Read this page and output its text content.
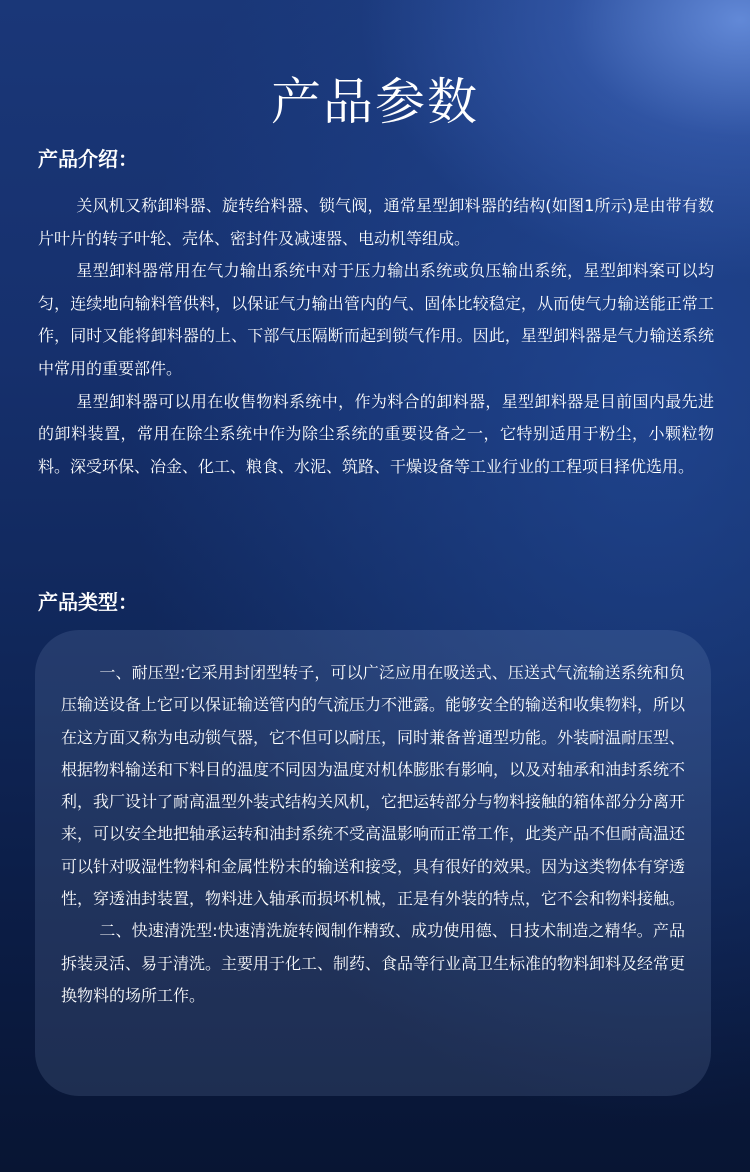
产品参数
产品介绍：

关风机又称卸料器、旋转给料器、锁气阀，通常星型卸料器的结构(如图1所示)是由带有数片叶片的转子叶轮、壳体、密封件及减速器、电动机等组成。

星型卸料器常用在气力输出系统中对于压力输出系统或负压输出系统，星型卸料案可以均匀，连续地向输料管供料，以保证气力输出管内的气、固体比较稳定，从而使气力输送能正常工作，同时又能将卸料器的上、下部气压隔断而起到锁气作用。因此，星型卸料器是气力输送系统中常用的重要部件。

星型卸料器可以用在收售物料系统中，作为料合的卸料器，星型卸料器是目前国内最先进的卸料装置，常用在除尘系统中作为除尘系统的重要设备之一，它特别适用于粉尘，小颗粒物料。深受环保、冶金、化工、粮食、水泥、筑路、干燥设备等工业行业的工程项目择优选用。

产品类型：

一、耐压型:它采用封闭型转子，可以广泛应用在吸送式、压送式气流输送系统和负压输送设备上它可以保证输送管内的气流压力不泄露。能够安全的输送和收集物料，所以在这方面又称为电动锁气器，它不但可以耐压，同时兼备普通型功能。外装耐温耐压型、根据物料输送和下料目的温度不同因为温度对机体膨胀有影响，以及对轴承和油封系统不利，我厂设计了耐高温型外装式结构关风机，它把运转部分与物料接触的箱体部分分离开来，可以安全地把轴承运转和油封系统不受高温影响而正常工作，此类产品不但耐高温还可以针对吸湿性物料和金属性粉末的输送和接受，具有很好的效果。因为这类物体有穿透性，穿透油封装置，物料进入轴承而损坏机械，正是有外装的特点，它不会和物料接触。

二、快速清洗型:快速清洗旋转阀制作精致、成功使用德、日技术制造之精华。产品拆装灵活、易于清洗。主要用于化工、制药、食品等行业高卫生标准的物料卸料及经常更换物料的场所工作。
